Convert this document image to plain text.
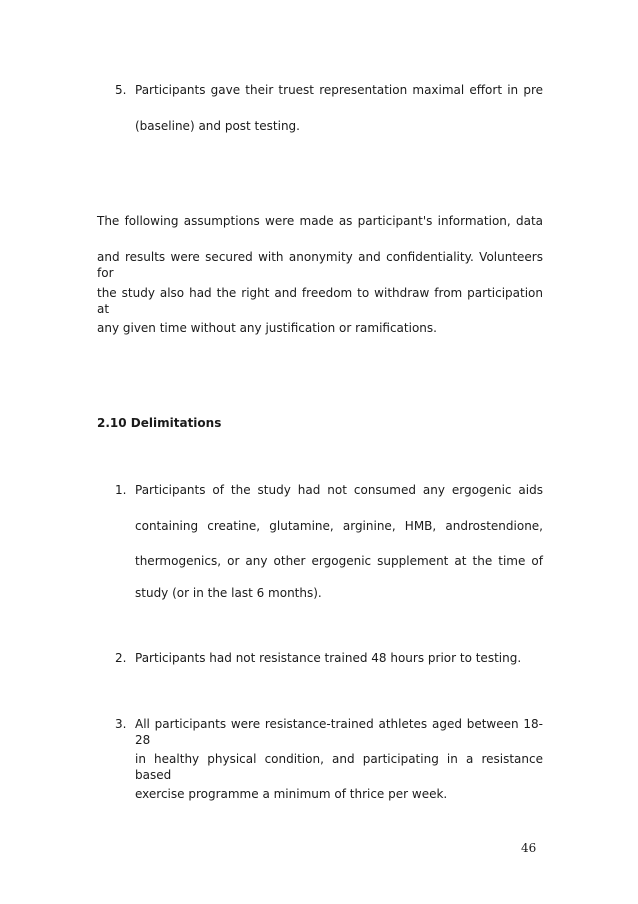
5. Participants gave their truest representation maximal effort in pre
(baseline) and post testing.
The following assumptions were made as participant's information, data
and results were secured with anonymity and confidentiality. Volunteers for
the study also had the right and freedom to withdraw from participation at
any given time without any justification or ramifications.
2.10 Delimitations
1. Participants of the study had not consumed any ergogenic aids
containing creatine, glutamine, arginine, HMB, androstendione,
thermogenics, or any other ergogenic supplement at the time of
study (or in the last 6 months).
2. Participants had not resistance trained 48 hours prior to testing.
3. All participants were resistance-trained athletes aged between 18-28
in healthy physical condition, and participating in a resistance based
exercise programme a minimum of thrice per week.
46
